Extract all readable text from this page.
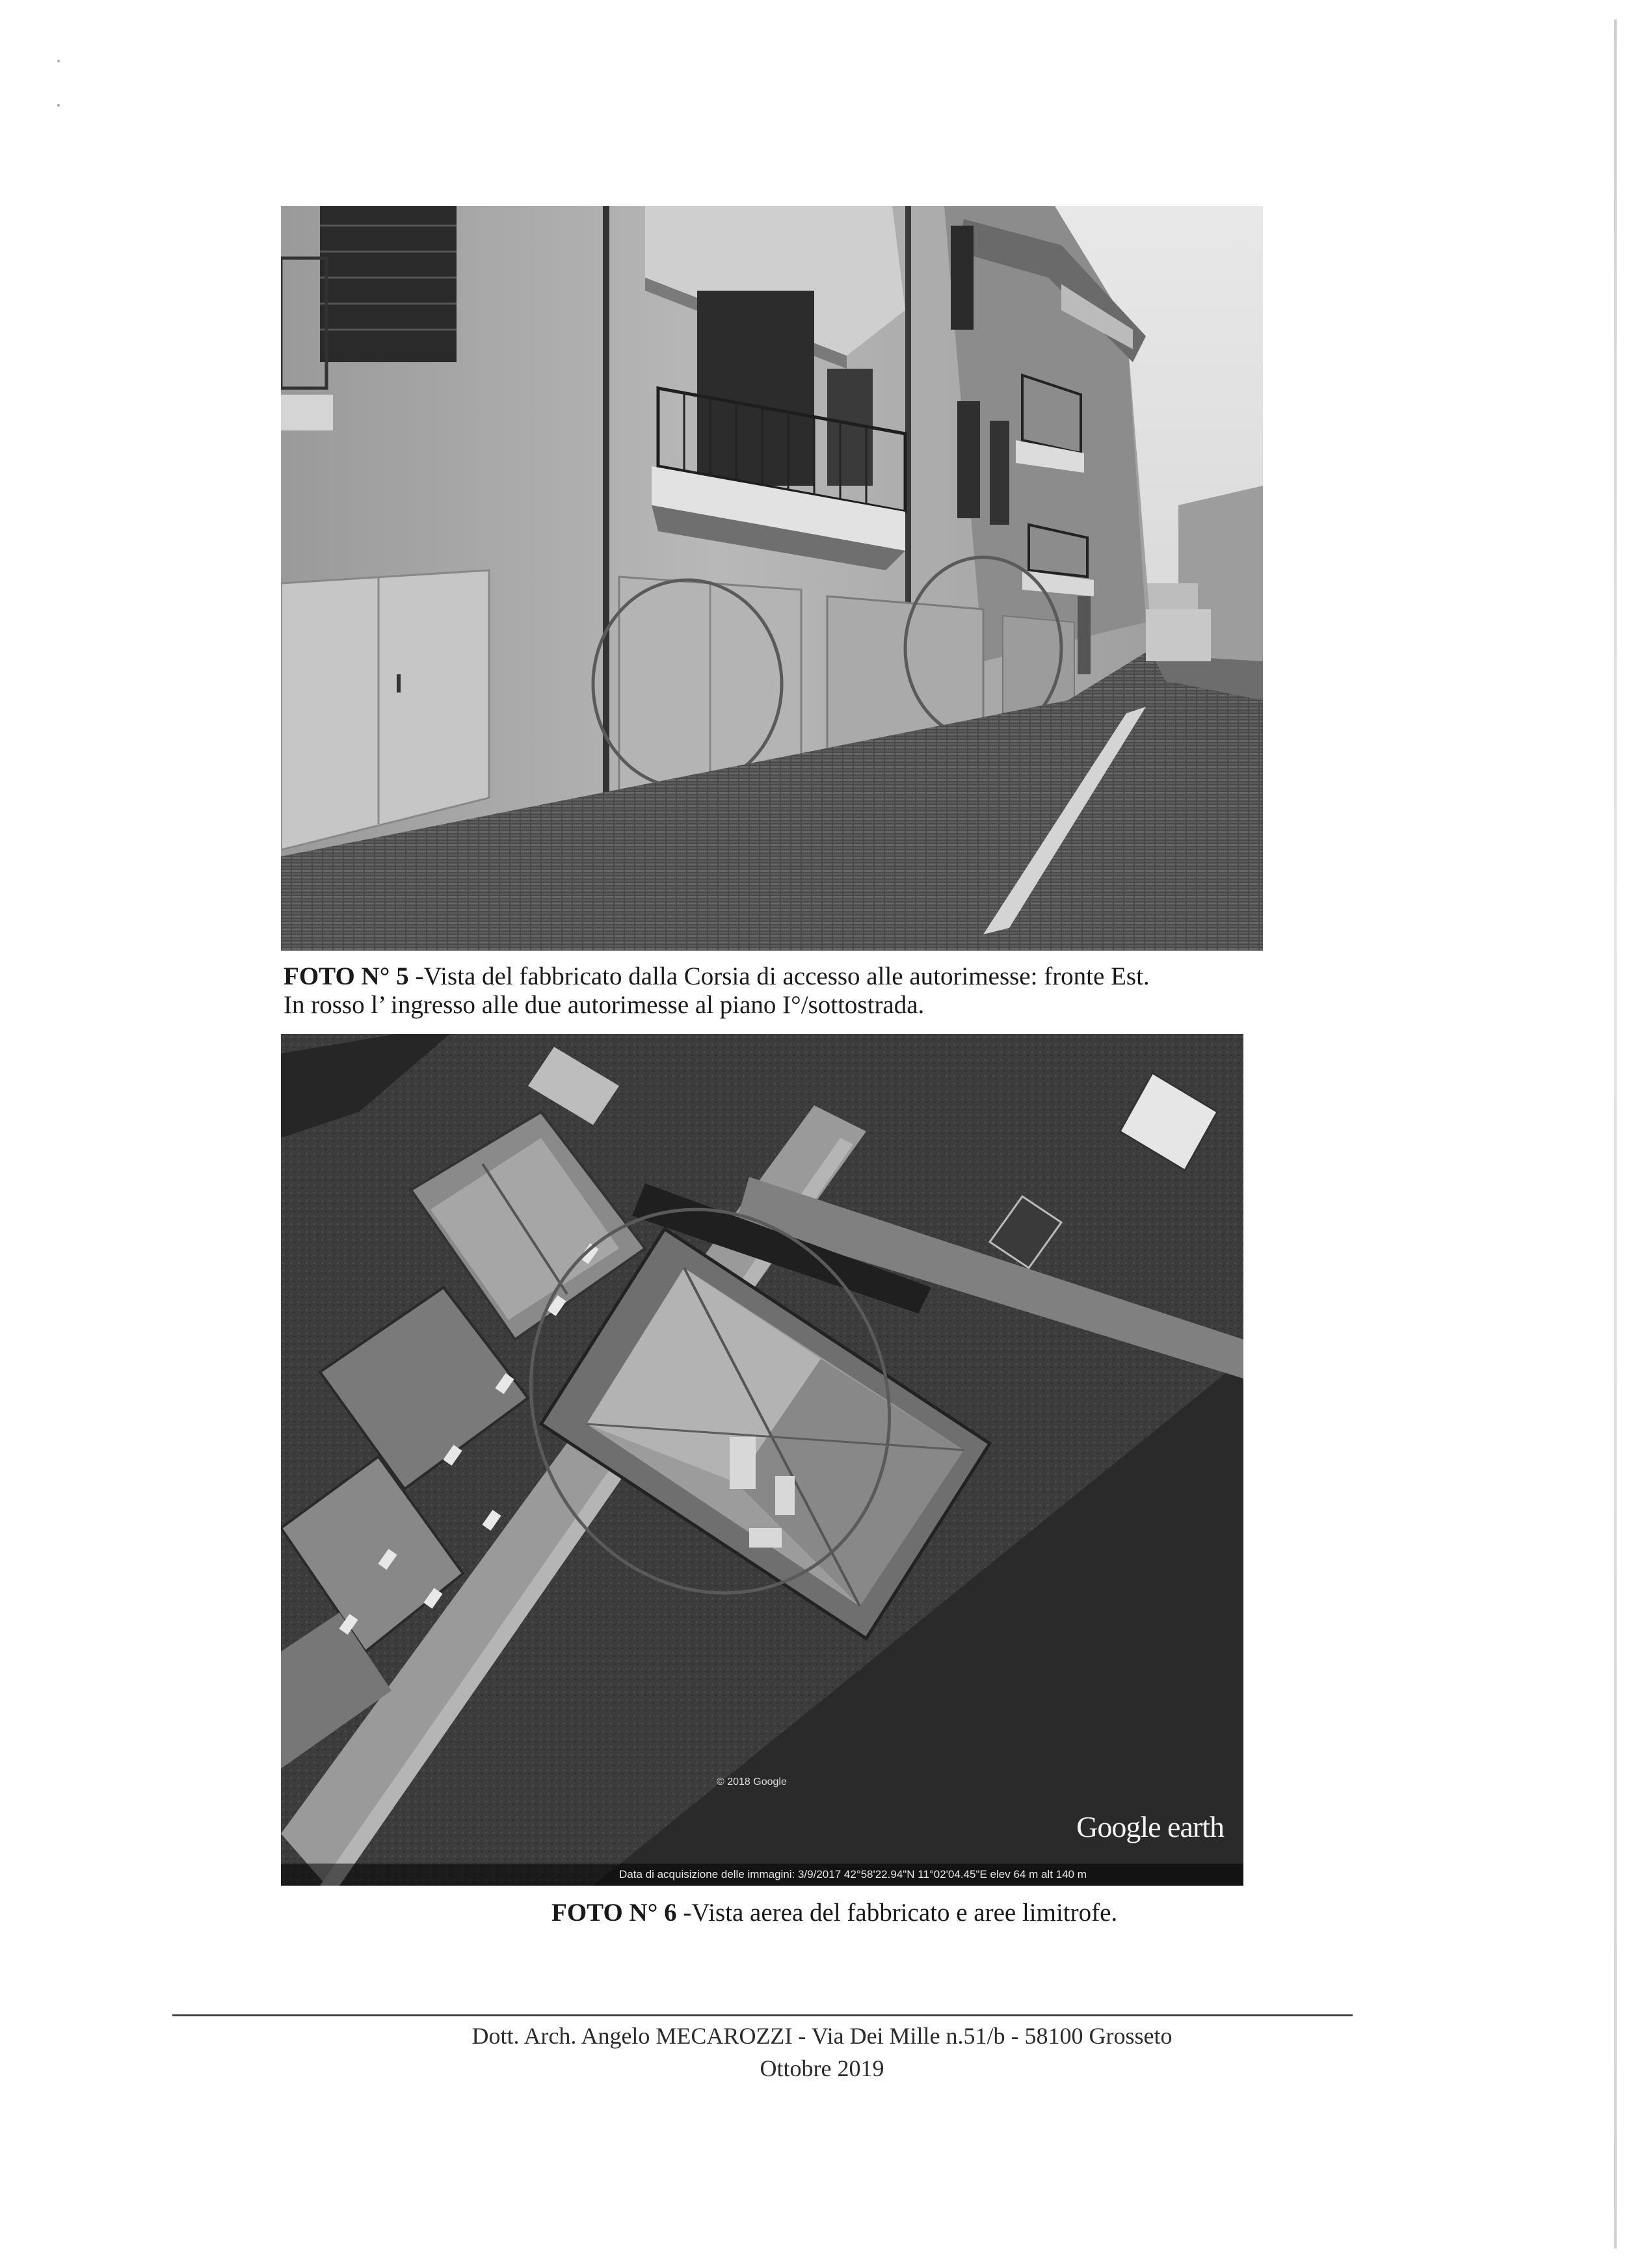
FOTO N° 5 -Vista del fabbricato dalla Corsia di accesso alle autorimesse: fronte Est.
In rosso l’ ingresso alle due autorimesse al piano I°/sottostrada.
© 2018 Google
Google earth
Data di acquisizione delle immagini: 3/9/2017 42°58'22.94"N 11°02'04.45"E elev 64 m alt 140 m
FOTO N° 6 -Vista aerea del fabbricato e aree limitrofe.
Dott. Arch. Angelo MECAROZZI - Via Dei Mille n.51/b - 58100 Grosseto
Ottobre 2019
